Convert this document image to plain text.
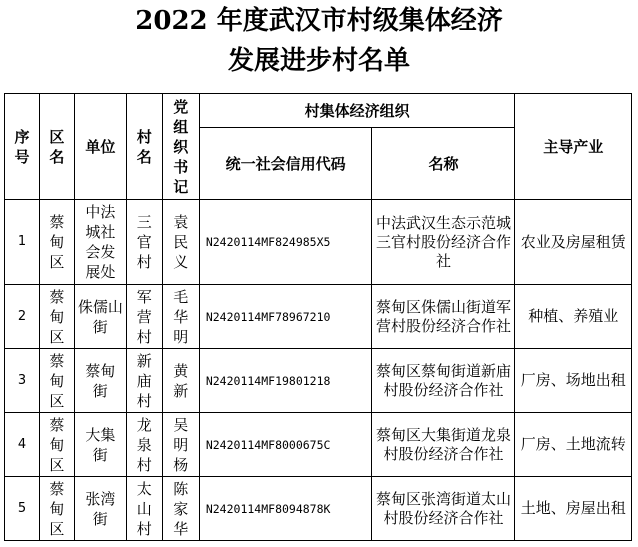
2022 年度武汉市村级集体经济
发展进步村名单
序号	区名	单位	村名	党组织书记	村集体经济组织		主导产业
					统一社会信用代码	名称	
1	蔡甸区	中法城社会发展处	三官村	袁民义	N2420114MF824985X5	中法武汉生态示范城三官村股份经济合作社	农业及房屋租赁
2	蔡甸区	侏儒山街	军营村	毛华明	N2420114MF78967210	蔡甸区侏儒山街道军营村股份经济合作社	种植、养殖业
3	蔡甸区	蔡甸街	新庙村	黄新	N2420114MF19801218	蔡甸区蔡甸街道新庙村股份经济合作社	厂房、场地出租
4	蔡甸区	大集街	龙泉村	吴明杨	N2420114MF8000675C	蔡甸区大集街道龙泉村股份经济合作社	厂房、土地流转
5	蔡甸区	张湾街	太山村	陈家华	N2420114MF8094878K	蔡甸区张湾街道太山村股份经济合作社	土地、房屋出租
